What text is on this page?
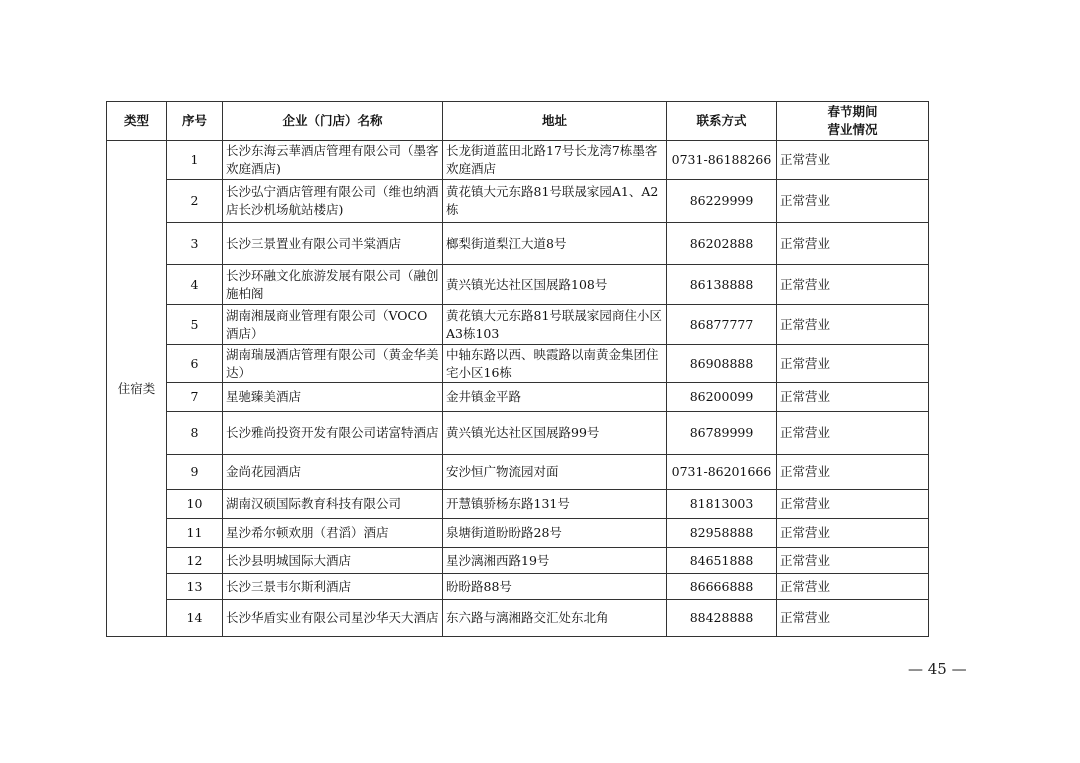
类型	序号	企业（门店）名称	地址	联系方式	春节期间
营业情况

住宿类	1	长沙东海云華酒店管理有限公司（墨客欢庭酒店)	长龙街道蓝田北路17号长龙湾7栋墨客欢庭酒店	0731-86188266	正常营业
	2	长沙弘宁酒店管理有限公司（维也纳酒店长沙机场航站楼店)	黄花镇大元东路81号联晟家园A1、A2栋	86229999	正常营业
	3	长沙三景置业有限公司半棠酒店	榔梨街道梨江大道8号	86202888	正常营业
	4	长沙环融文化旅游发展有限公司（融创施柏阁	黄兴镇光达社区国展路108号	86138888	正常营业
	5	湖南湘晟商业管理有限公司（VOCO酒店）	黄花镇大元东路81号联晟家园商住小区A3栋103	86877777	正常营业
	6	湖南瑞晟酒店管理有限公司（黄金华美达）	中轴东路以西、映霞路以南黄金集团住宅小区16栋	86908888	正常营业
	7	星驰臻美酒店	金井镇金平路	86200099	正常营业
	8	长沙雅尚投资开发有限公司诺富特酒店	黄兴镇光达社区国展路99号	86789999	正常营业
	9	金尚花园酒店	安沙恒广物流园对面	0731-86201666	正常营业
	10	湖南汉硕国际教育科技有限公司	开慧镇骄杨东路131号	81813003	正常营业
	11	星沙希尔顿欢朋（君滔）酒店	泉塘街道盼盼路28号	82958888	正常营业
	12	长沙县明城国际大酒店	星沙漓湘西路19号	84651888	正常营业
	13	长沙三景韦尔斯利酒店	盼盼路88号	86666888	正常营业
	14	长沙华盾实业有限公司星沙华天大酒店	东六路与漓湘路交汇处东北角	88428888	正常营业
— 45 —
